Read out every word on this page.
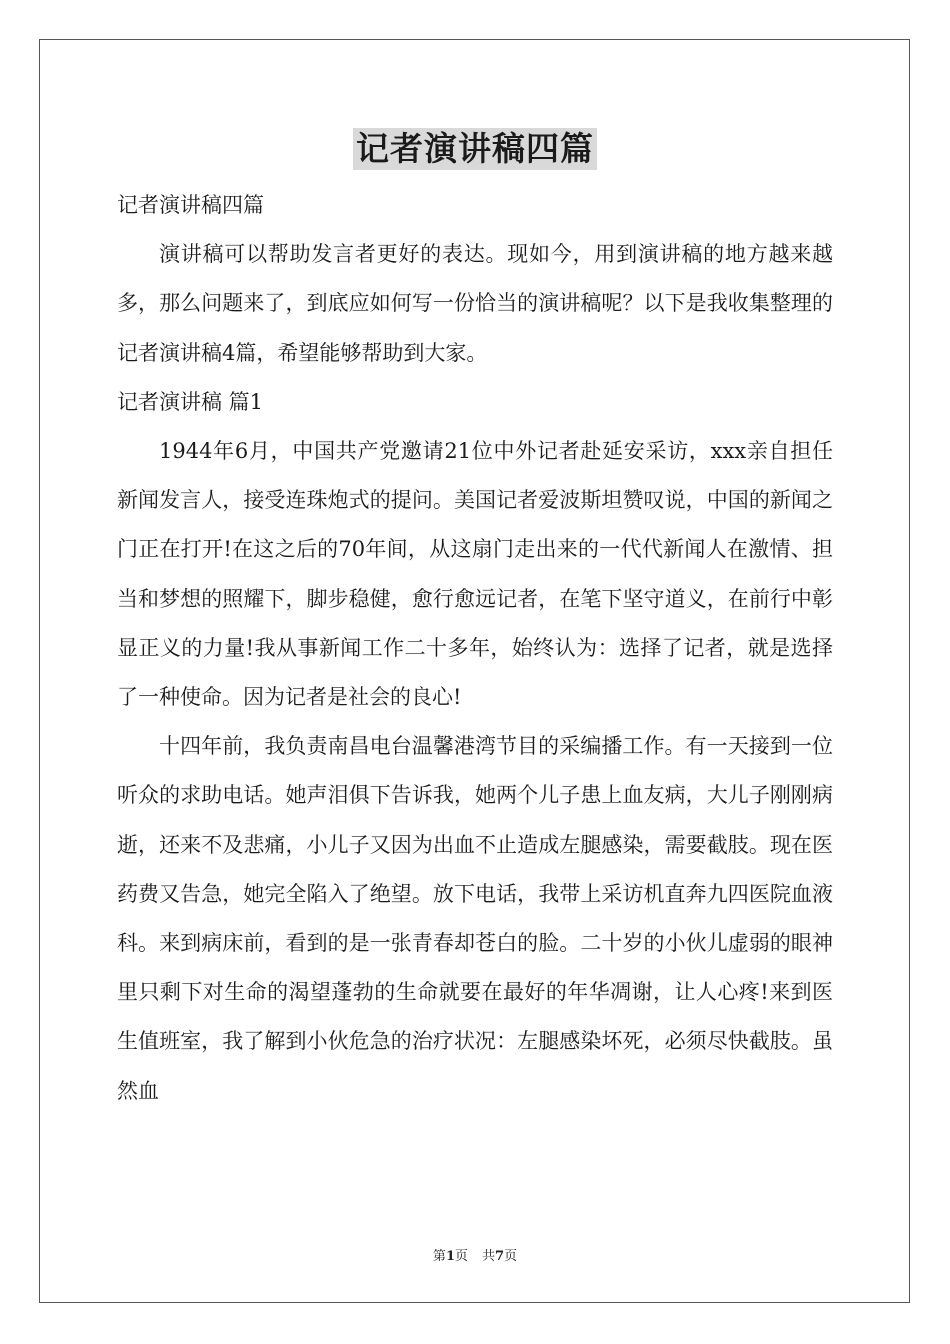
记者演讲稿四篇

记者演讲稿四篇

演讲稿可以帮助发言者更好的表达。现如今，用到演讲稿的地方越来越多，那么问题来了，到底应如何写一份恰当的演讲稿呢？以下是我收集整理的记者演讲稿4篇，希望能够帮助到大家。

记者演讲稿 篇1

1944年6月，中国共产党邀请21位中外记者赴延安采访，xxx亲自担任新闻发言人，接受连珠炮式的提问。美国记者爱波斯坦赞叹说，中国的新闻之门正在打开!在这之后的70年间，从这扇门走出来的一代代新闻人在激情、担当和梦想的照耀下，脚步稳健，愈行愈远记者，在笔下坚守道义，在前行中彰显正义的力量!我从事新闻工作二十多年，始终认为：选择了记者，就是选择了一种使命。因为记者是社会的良心!

十四年前，我负责南昌电台温馨港湾节目的采编播工作。有一天接到一位听众的求助电话。她声泪俱下告诉我，她两个儿子患上血友病，大儿子刚刚病逝，还来不及悲痛，小儿子又因为出血不止造成左腿感染，需要截肢。现在医药费又告急，她完全陷入了绝望。放下电话，我带上采访机直奔九四医院血液科。来到病床前，看到的是一张青春却苍白的脸。二十岁的小伙儿虚弱的眼神里只剩下对生命的渴望蓬勃的生命就要在最好的年华凋谢，让人心疼!来到医生值班室，我了解到小伙危急的治疗状况：左腿感染坏死，必须尽快截肢。虽然血

第1页 共7页
